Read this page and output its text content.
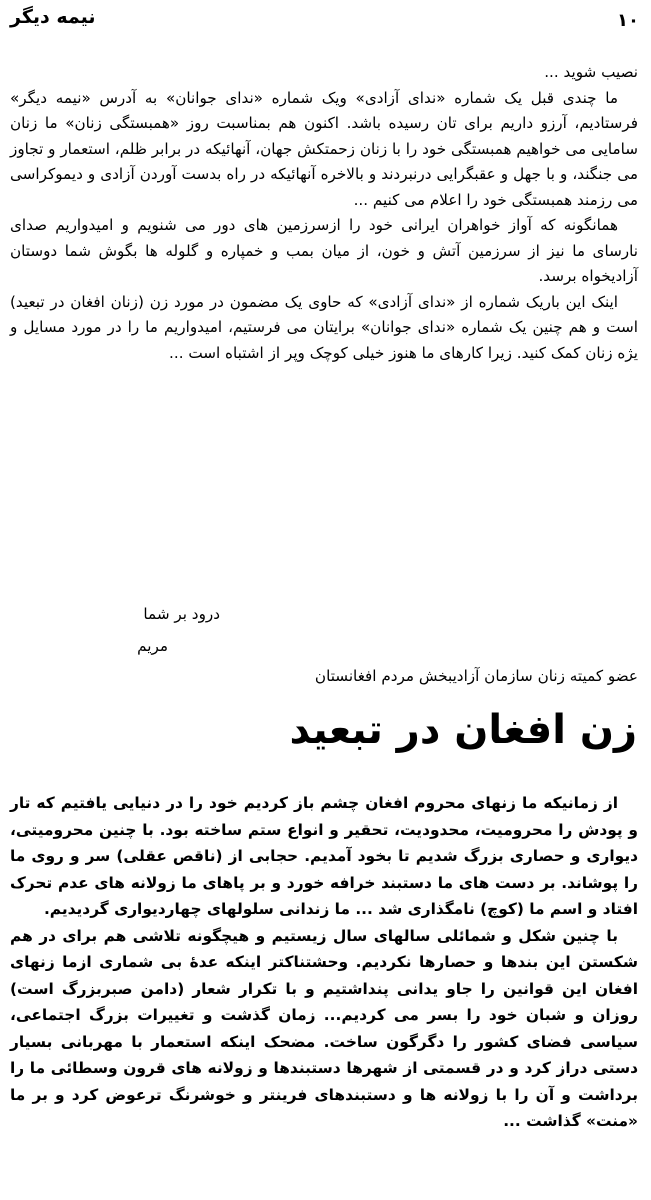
نیمه دیگر	١٠

نصیب شوید ...

ما چندی قبل یک شماره «ندای آزادی» ویک شماره «ندای جوانان» به آدرس «نیمه دیگر» فرستادیم، آرزو داریم برای تان رسیده باشد. اکنون هم بمناسبت روز «همبستگی زنان» ما زنان سامایی می خواهیم همبستگی خود را با زنان زحمتکش جهان، آنهائیکه در برابر ظلم، استعمار و تجاوز می جنگند، و با جهل و عقبگرایی درنبردند و بالاخره آنهائیکه در راه بدست آوردن آزادی و دیموکراسی می رزمند همبستگی خود را اعلام می کنیم ...

همانگونه که آواز خواهران ایرانی خود را ازسرزمین های دور می شنویم و امیدواریم صدای نارسای ما نیز از سرزمین آتش و خون، از میان بمب و خمپاره و گلوله ها بگوش شما دوستان آزادیخواه برسد.

اینک این باریک شماره از «ندای آزادی» که حاوی یک مضمون در مورد زن (زنان افغان در تبعید) است و هم چنین یک شماره «ندای جوانان» برایتان می فرستیم، امیدواریم ما را در مورد مسایل و یژه زنان کمک کنید. زیرا کارهای ما هنوز خیلی کوچک وپر از اشتباه است ...

درود بر شما
مریم
عضو کمیته زنان سازمان آزادیبخش مردم افغانستان
زن افغان در تبعید

از زمانیکه ما زنهای محروم افغان چشم باز کردیم خود را در دنیایی یافتیم که تار و پودش را محرومیت، محدودیت، تحقیر و انواع ستم ساخته بود. با چنین محرومیتی، دیواری و حصاری بزرگ شدیم تا بخود آمدیم. حجابی از (ناقص عقلی) سر و روی ما را پوشاند. بر دست های ما دستبند خرافه خورد و بر پاهای ما زولانه های عدم تحرک افتاد و اسم ما (کوچ) نامگذاری شد ... ما زندانی سلولهای چهاردیواری گردیدیم.

با چنین شکل و شمائلی سالهای سال زیستیم و هیچگونه تلاشی هم برای در هم شکستن این بندها و حصارها نکردیم. وحشتناکتر اینکه عدهٔ بی شماری ازما زنهای افغان این قوانین را جاو یدانی پنداشتیم و با تکرار شعار (دامن صبربزرگ است) روزان و شبان خود را بسر می کردیم... زمان گذشت و تغییرات بزرگ اجتماعی، سیاسی فضای کشور را دگرگون ساخت. مضحک اینکه استعمار با مهربانی بسیار دستی دراز کرد و در قسمتی از شهرها دستبندها و زولانه های قرون وسطائی ما را برداشت و آن را با زولانه ها و دستبندهای فرینتر و خوشرنگ ترعوض کرد و بر ما «منت» گذاشت ...
